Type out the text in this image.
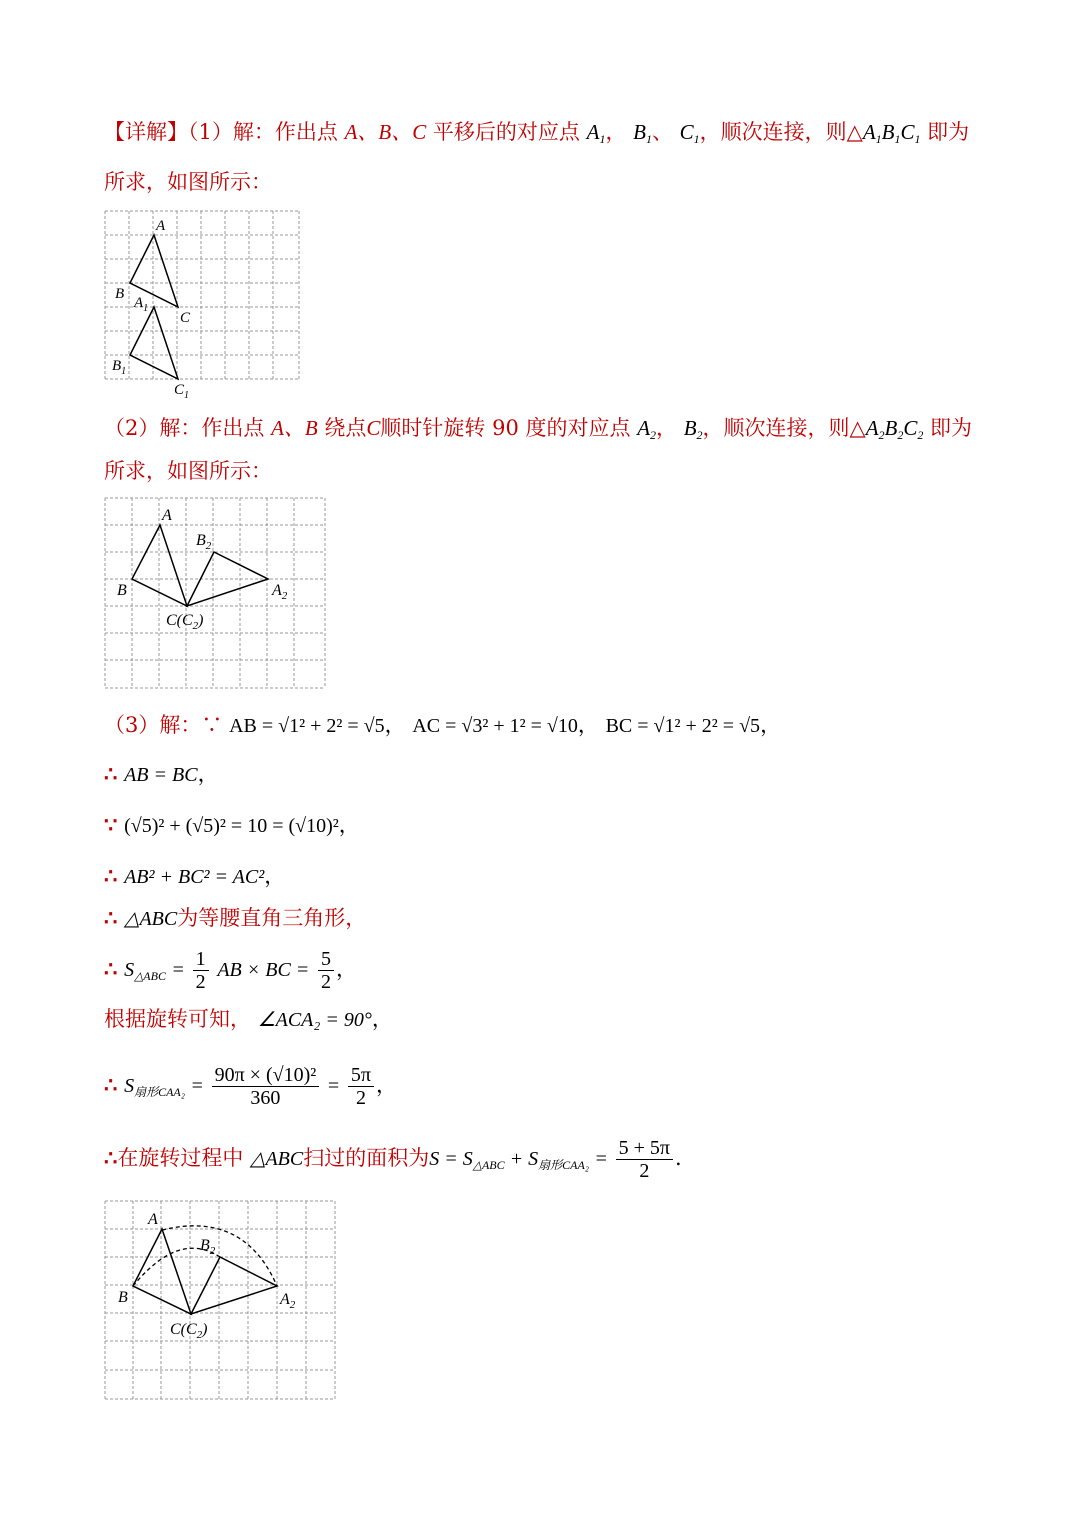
【详解】（1）解：作出点 A、B、C 平移后的对应点 $A_1$， $B_1$、 $C_1$，顺次连接，则$\triangle A_1B_1C_1$ 即为
所求，如图所示：
A
B
C
$A_1$
$B_1$
$C_1$
（2）解：作出点 A、B 绕点C顺时针旋转 90 度的对应点 $A_2$， $B_2$，顺次连接，则$\triangle A_2B_2C_2$ 即为
所求，如图所示：
A
B
$B_2$
$A_2$
$C(C_2)$
（3）解：∵ AB = √1² + 2² = √5， AC = √3² + 1² = √10， BC = √1² + 2² = √5，
∴ AB = BC，
∵ (√5)² + (√5)² = 10 = (√10)²，
∴ AB² + BC² = AC²，
∴ △ABC为等腰直角三角形，
∴ $S_{\triangle ABC} = \frac{1}{2}$ AB × BC = $\frac{5}{2}$ ，
根据旋转可知， ∠ACA₂ = 90°，
∴ $S_{扇形CAA_2} = \frac{\text{90π × (√10)²}}{360} = \frac{5\pi}{2}$ ，
∴在旋转过程中 △ABC扫过的面积为$S = S_{\triangle ABC} + S_{扇形CAA_2} = \frac{5 + 5\pi}{2}$ .
A
B
$B_2$
$A_2$
$C(C_2)$
